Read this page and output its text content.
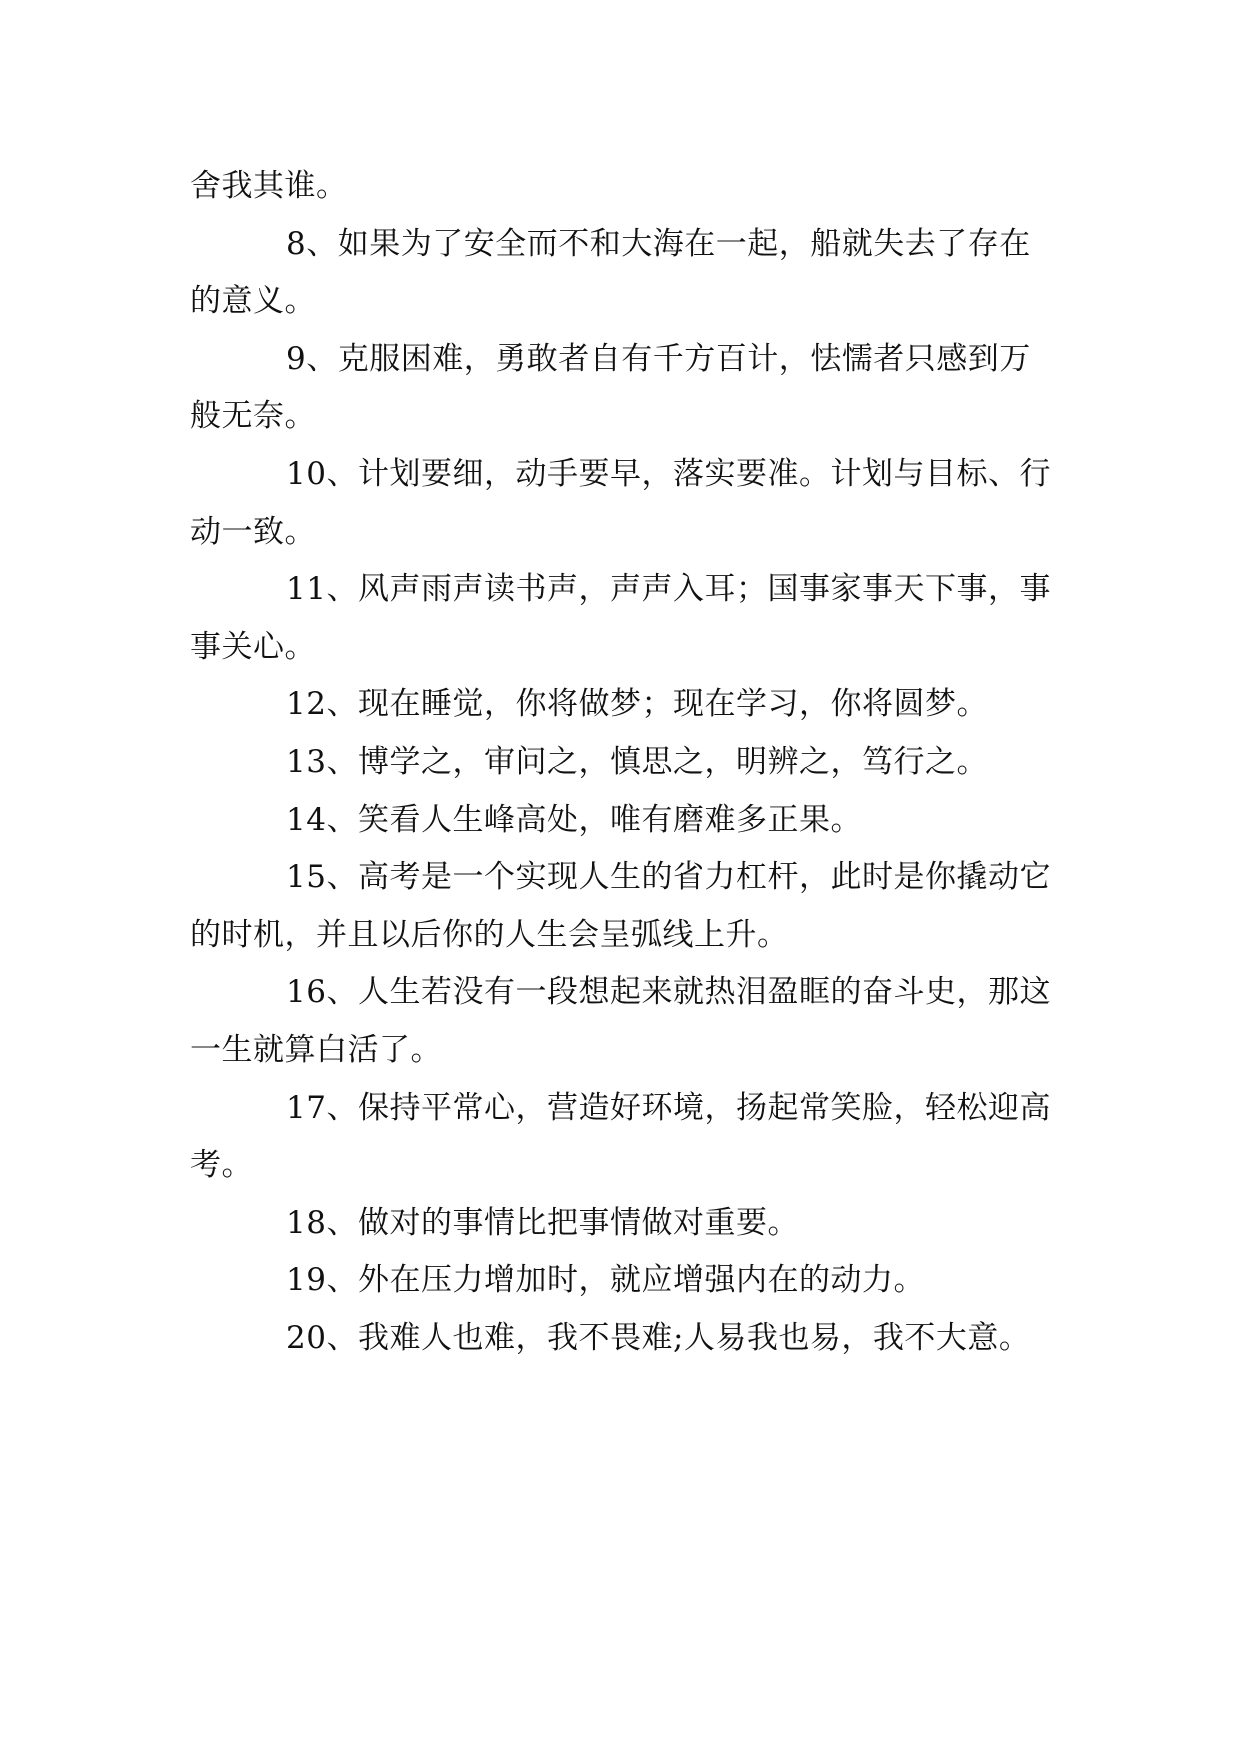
舍我其谁。

8、如果为了安全而不和大海在一起，船就失去了存在的意义。

9、克服困难，勇敢者自有千方百计，怯懦者只感到万般无奈。

10、计划要细，动手要早，落实要准。计划与目标、行动一致。

11、风声雨声读书声，声声入耳；国事家事天下事，事事关心。

12、现在睡觉，你将做梦；现在学习，你将圆梦。

13、博学之，审问之，慎思之，明辨之，笃行之。

14、笑看人生峰高处，唯有磨难多正果。

15、高考是一个实现人生的省力杠杆，此时是你撬动它的时机，并且以后你的人生会呈弧线上升。

16、人生若没有一段想起来就热泪盈眶的奋斗史，那这一生就算白活了。

17、保持平常心，营造好环境，扬起常笑脸，轻松迎高考。

18、做对的事情比把事情做对重要。

19、外在压力增加时，就应增强内在的动力。

20、我难人也难，我不畏难;人易我也易，我不大意。
